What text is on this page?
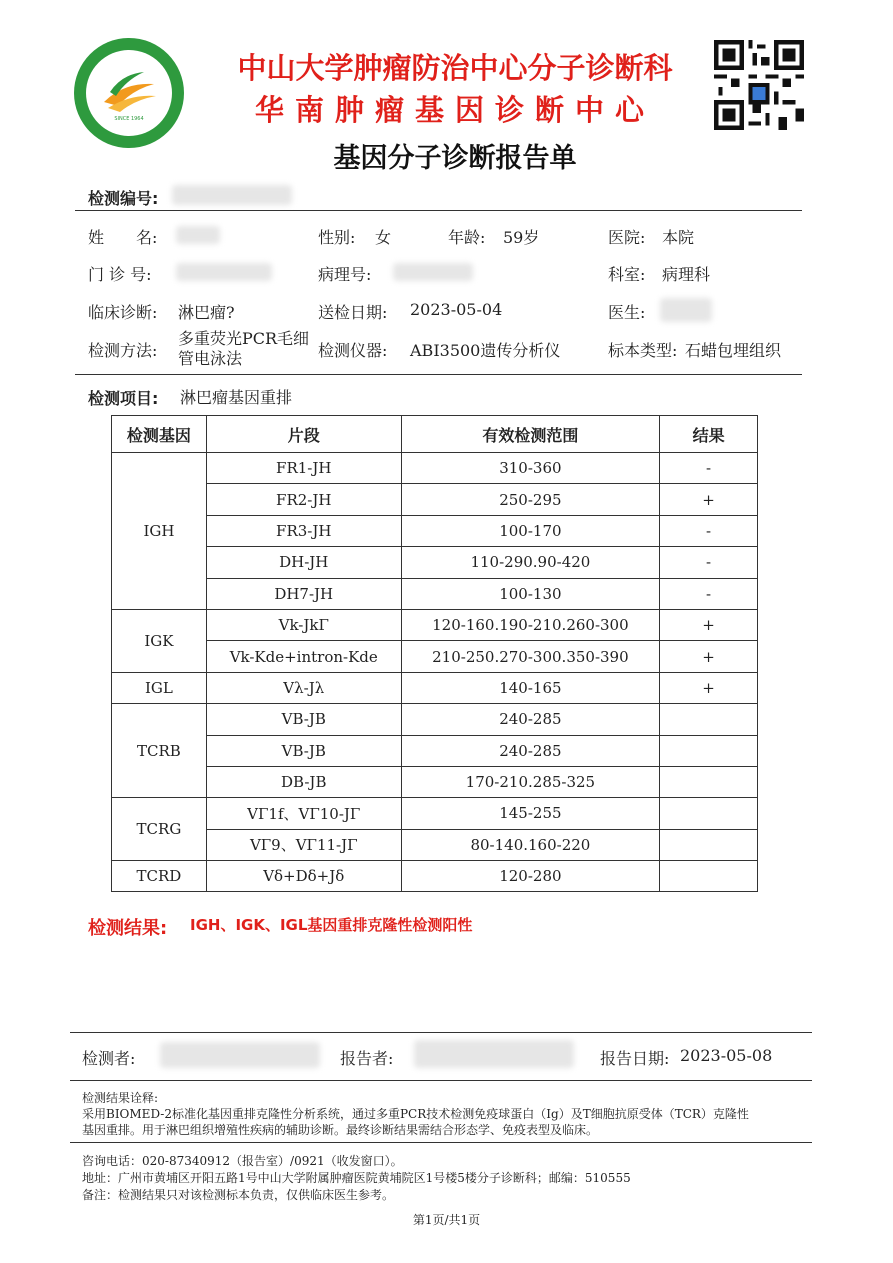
SINCE 1964
中山大学肿瘤防治中心分子诊断科
华南肿瘤基因诊断中心
基因分子诊断报告单
检测编号:
姓　　名:	性别: 女	年龄: 59岁	医院: 本院
门 诊 号:	病理号:	科室: 病理科
临床诊断: 淋巴瘤?	送检日期: 2023-05-04	医生:
检测方法:
多重荧光PCR毛细
管电泳法	检测仪器: ABI3500遗传分析仪	标本类型: 石蜡包埋组织
检测项目: 淋巴瘤基因重排
检测基因	片段	有效检测范围	结果
IGH	FR1-JH	310-360	-
	FR2-JH	250-295	+
	FR3-JH	100-170	-
	DH-JH	110-290.90-420	-
	DH7-JH	100-130	-
IGK	Vk-JkΓ	120-160.190-210.260-300	+
	Vk-Kde+intron-Kde	210-250.270-300.350-390	+
IGL	Vλ-Jλ	140-165	+
TCRB	VB-JB	240-285	
	VB-JB	240-285	
	DB-JB	170-210.285-325	
TCRG	VΓ1f、VΓ10-JΓ	145-255	
	VΓ9、VΓ11-JΓ	80-140.160-220	
TCRD	Vδ+Dδ+Jδ	120-280	
检测结果: IGH、IGK、IGL基因重排克隆性检测阳性
检测者:	报告者:	报告日期: 2023-05-08
检测结果诠释:
采用BIOMED-2标准化基因重排克隆性分析系统，通过多重PCR技术检测免疫球蛋白（Ig）及T细胞抗原受体（TCR）克隆性
基因重排。用于淋巴组织增殖性疾病的辅助诊断。最终诊断结果需结合形态学、免疫表型及临床。
咨询电话：020-87340912（报告室）/0921（收发窗口）。
地址：广州市黄埔区开阳五路1号中山大学附属肿瘤医院黄埔院区1号楼5楼分子诊断科；邮编：510555
备注：检测结果只对该检测标本负责，仅供临床医生参考。
第1页/共1页
